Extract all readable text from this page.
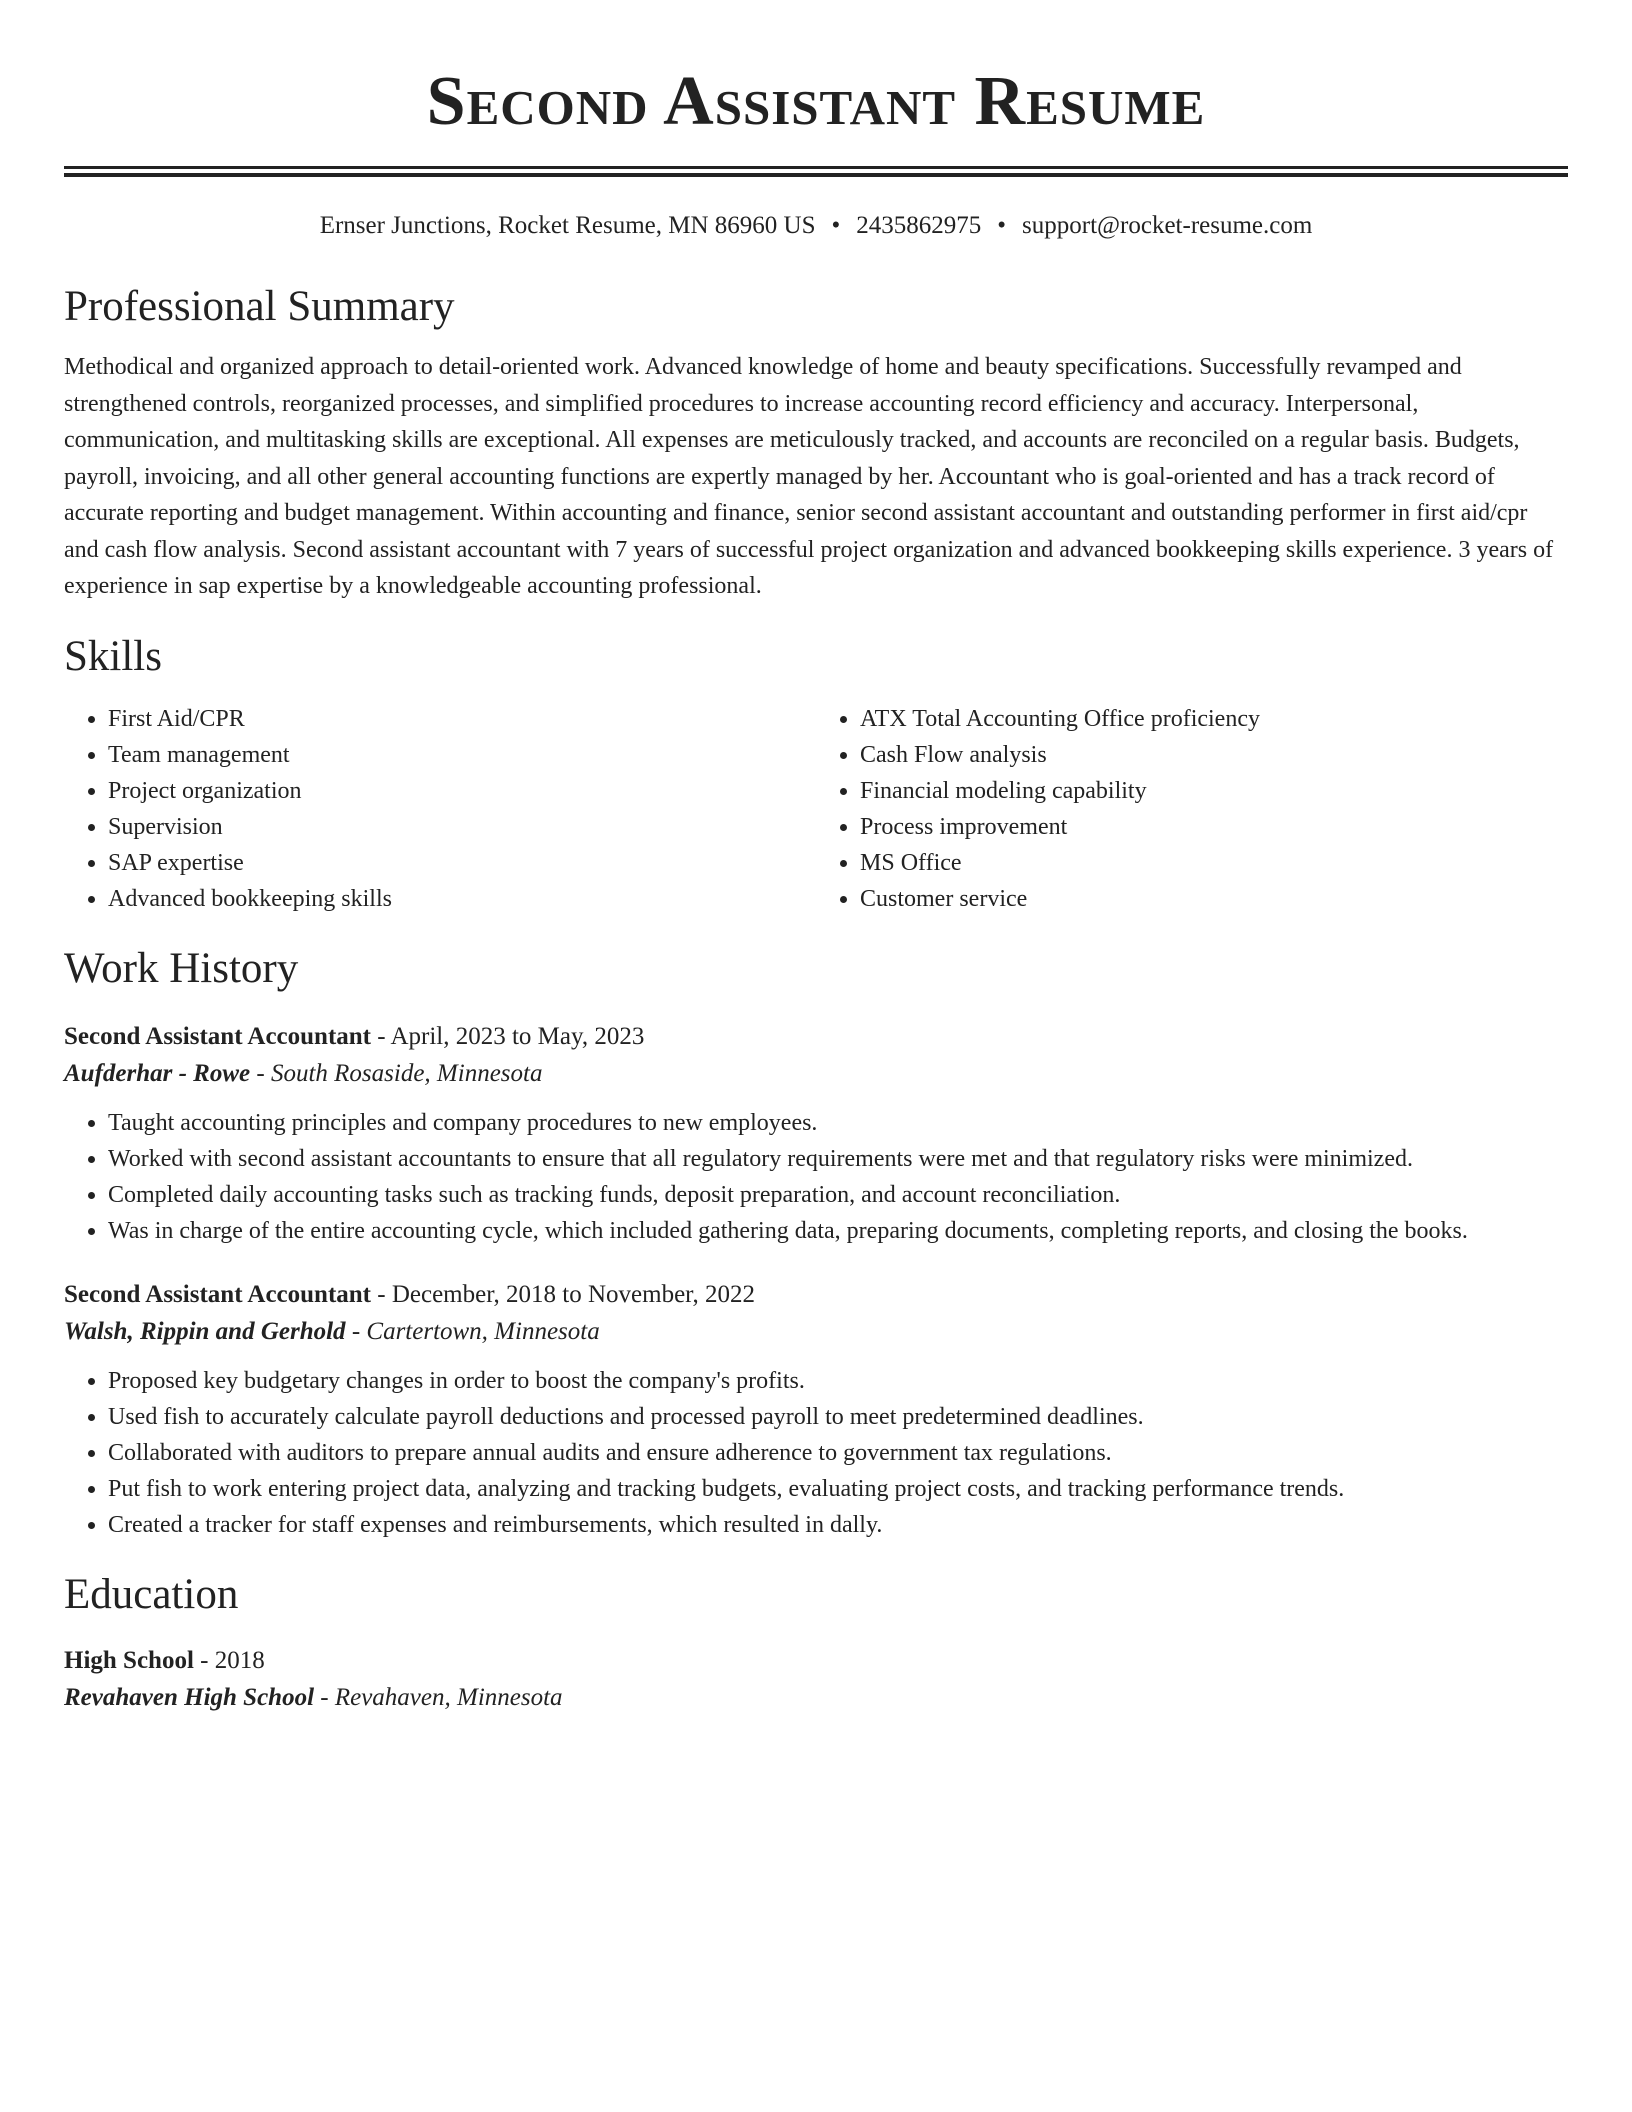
Second Assistant Resume
Ernser Junctions, Rocket Resume, MN 86960 US • 2435862975 • support@rocket-resume.com
Professional Summary

Methodical and organized approach to detail-oriented work. Advanced knowledge of home and beauty specifications. Successfully revamped and strengthened controls, reorganized processes, and simplified procedures to increase accounting record efficiency and accuracy. Interpersonal, communication, and multitasking skills are exceptional. All expenses are meticulously tracked, and accounts are reconciled on a regular basis. Budgets, payroll, invoicing, and all other general accounting functions are expertly managed by her. Accountant who is goal-oriented and has a track record of accurate reporting and budget management. Within accounting and finance, senior second assistant accountant and outstanding performer in first aid/cpr and cash flow analysis. Second assistant accountant with 7 years of successful project organization and advanced bookkeeping skills experience. 3 years of experience in sap expertise by a knowledgeable accounting professional.

Skills
• First Aid/CPR
• Team management
• Project organization
• Supervision
• SAP expertise
• Advanced bookkeeping skills
• ATX Total Accounting Office proficiency
• Cash Flow analysis
• Financial modeling capability
• Process improvement
• MS Office
• Customer service
Work History
Second Assistant Accountant - April, 2023 to May, 2023
Aufderhar - Rowe - South Rosaside, Minnesota
• Taught accounting principles and company procedures to new employees.
• Worked with second assistant accountants to ensure that all regulatory requirements were met and that regulatory risks were minimized.
• Completed daily accounting tasks such as tracking funds, deposit preparation, and account reconciliation.
• Was in charge of the entire accounting cycle, which included gathering data, preparing documents, completing reports, and closing the books.
Second Assistant Accountant - December, 2018 to November, 2022
Walsh, Rippin and Gerhold - Cartertown, Minnesota
• Proposed key budgetary changes in order to boost the company's profits.
• Used fish to accurately calculate payroll deductions and processed payroll to meet predetermined deadlines.
• Collaborated with auditors to prepare annual audits and ensure adherence to government tax regulations.
• Put fish to work entering project data, analyzing and tracking budgets, evaluating project costs, and tracking performance trends.
• Created a tracker for staff expenses and reimbursements, which resulted in dally.
Education
High School - 2018
Revahaven High School - Revahaven, Minnesota
